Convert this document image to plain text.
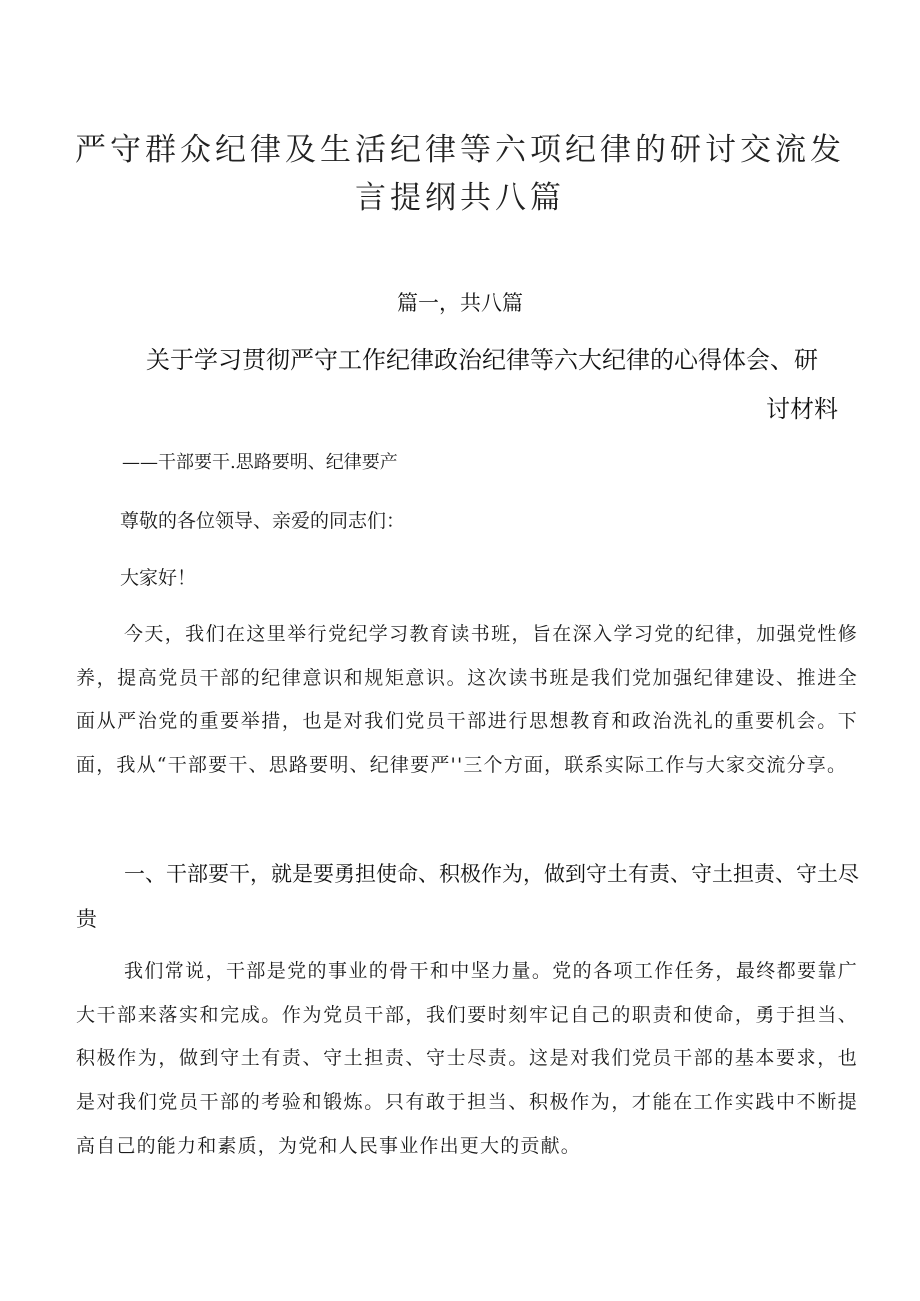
严守群众纪律及生活纪律等六项纪律的研讨交流发
言提纲共八篇

篇一，共八篇

关于学习贯彻严守工作纪律政治纪律等六大纪律的心得体会、研
讨材料

——干部要干.思路要明、纪律要产

尊敬的各位领导、亲爱的同志们：

大家好！

今天，我们在这里举行党纪学习教育读书班，旨在深入学习党的纪律，加强党性修养，提高党员干部的纪律意识和规矩意识。这次读书班是我们党加强纪律建设、推进全面从严治党的重要举措，也是对我们党员干部进行思想教育和政治洗礼的重要机会。下面，我从“干部要干、思路要明、纪律要严''三个方面，联系实际工作与大家交流分享。

一、干部要干，就是要勇担使命、积极作为，做到守土有责、守土担责、守土尽贵

我们常说，干部是党的事业的骨干和中坚力量。党的各项工作任务，最终都要靠广大干部来落实和完成。作为党员干部，我们要时刻牢记自己的职责和使命，勇于担当、积极作为，做到守土有责、守土担责、守士尽责。这是对我们党员干部的基本要求，也是对我们党员干部的考验和锻炼。只有敢于担当、积极作为，才能在工作实践中不断提高自己的能力和素质，为党和人民事业作出更大的贡献。
